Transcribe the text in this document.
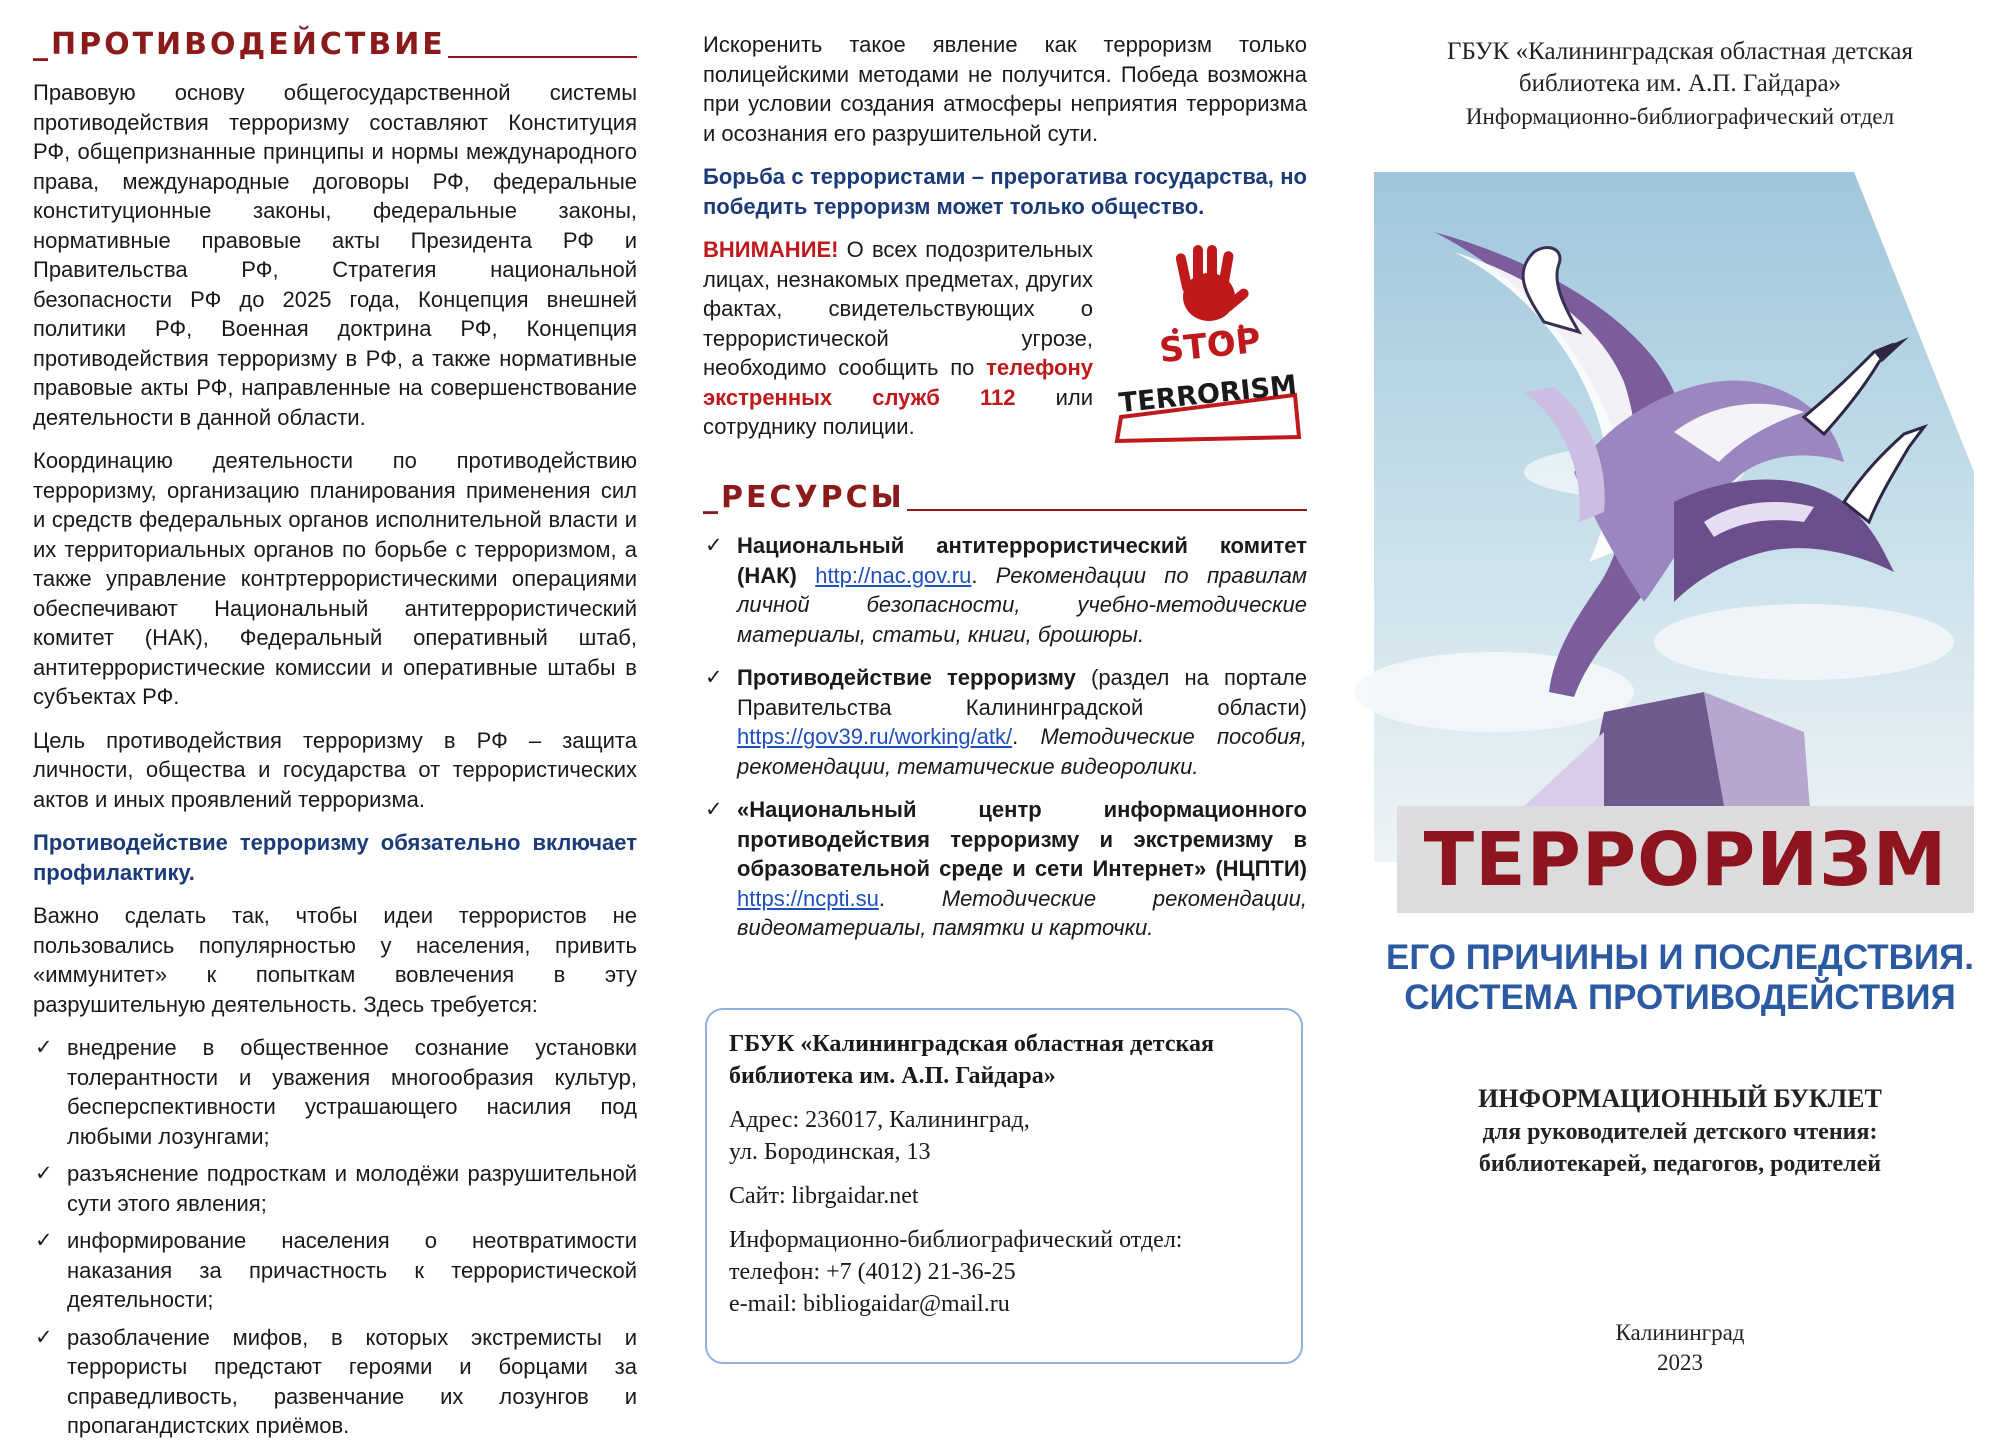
_ ПРОТИВОДЕЙСТВИЕ

Правовую основу общегосударственной системы противодействия терроризму составляют Конституция РФ, общепризнанные принципы и нормы международного права, международные договоры РФ, федеральные конституционные законы, федеральные законы, нормативные правовые акты Президента РФ и Правительства РФ, Стратегия национальной безопасности РФ до 2025 года, Концепция внешней политики РФ, Военная доктрина РФ, Концепция противодействия терроризму в РФ, а также нормативные правовые акты РФ, направленные на совершенствование деятельности в данной области.

Координацию деятельности по противодействию терроризму, организацию планирования применения сил и средств федеральных органов исполнительной власти и их территориальных органов по борьбе с терроризмом, а также управление контртеррористическими операциями обеспечивают Национальный антитеррористический комитет (НАК), Федеральный оперативный штаб, антитеррористические комиссии и оперативные штабы в субъектах РФ.

Цель противодействия терроризму в РФ – защита личности, общества и государства от террористических актов и иных проявлений терроризма.

Противодействие терроризму обязательно включает профилактику.

Важно сделать так, чтобы идеи террористов не пользовались популярностью у населения, привить «иммунитет» к попыткам вовлечения в эту разрушительную деятельность. Здесь требуется:

✓ внедрение в общественное сознание установки толерантности и уважения многообразия культур, бесперспективности устрашающего насилия под любыми лозунгами;
✓ разъяснение подросткам и молодёжи разрушительной сути этого явления;
✓ информирование населения о неотвратимости наказания за причастность к террористической деятельности;
✓ разоблачение мифов, в которых экстремисты и террористы предстают героями и борцами за справедливость, развенчание их лозунгов и пропагандистских приёмов.

Искоренить такое явление как терроризм только полицейскими методами не получится. Победа возможна при условии создания атмосферы неприятия терроризма и осознания его разрушительной сути.

Борьба с террористами – прерогатива государства, но победить терроризм может только общество.

ВНИМАНИЕ! О всех подозрительных лицах, незнакомых предметах, других фактах, свидетельствующих о террористической угрозе, необходимо сообщить по телефону экстренных служб 112 или сотруднику полиции.

STOP
TERRORISM
_ РЕСУРСЫ
✓ Национальный антитеррористический комитет (НАК) http://nac.gov.ru. Рекомендации по правилам личной безопасности, учебно-методические материалы, статьи, книги, брошюры.
✓ Противодействие терроризму (раздел на портале Правительства Калининградской области) https://gov39.ru/working/atk/. Методические пособия, рекомендации, тематические видеоролики.
✓ «Национальный центр информационного противодействия терроризму и экстремизму в образовательной среде и сети Интернет» (НЦПТИ) https://ncpti.su. Методические рекомендации, видеоматериалы, памятки и карточки.

ГБУК «Калининградская областная детская библиотека им. А.П. Гайдара»

Адрес: 236017, Калининград,
ул. Бородинская, 13

Сайт: librgaidar.net

Информационно-библиографический отдел:
телефон: +7 (4012) 21-36-25
e-mail: bibliogaidar@mail.ru

ГБУК «Калининградская областная детская
библиотека им. А.П. Гайдара»
Информационно-библиографический отдел
ТЕРРОРИЗМ
ЕГО ПРИЧИНЫ И ПОСЛЕДСТВИЯ.
СИСТЕМА ПРОТИВОДЕЙСТВИЯ
ИНФОРМАЦИОННЫЙ БУКЛЕТ
для руководителей детского чтения:
библиотекарей, педагогов, родителей
Калининград
2023
